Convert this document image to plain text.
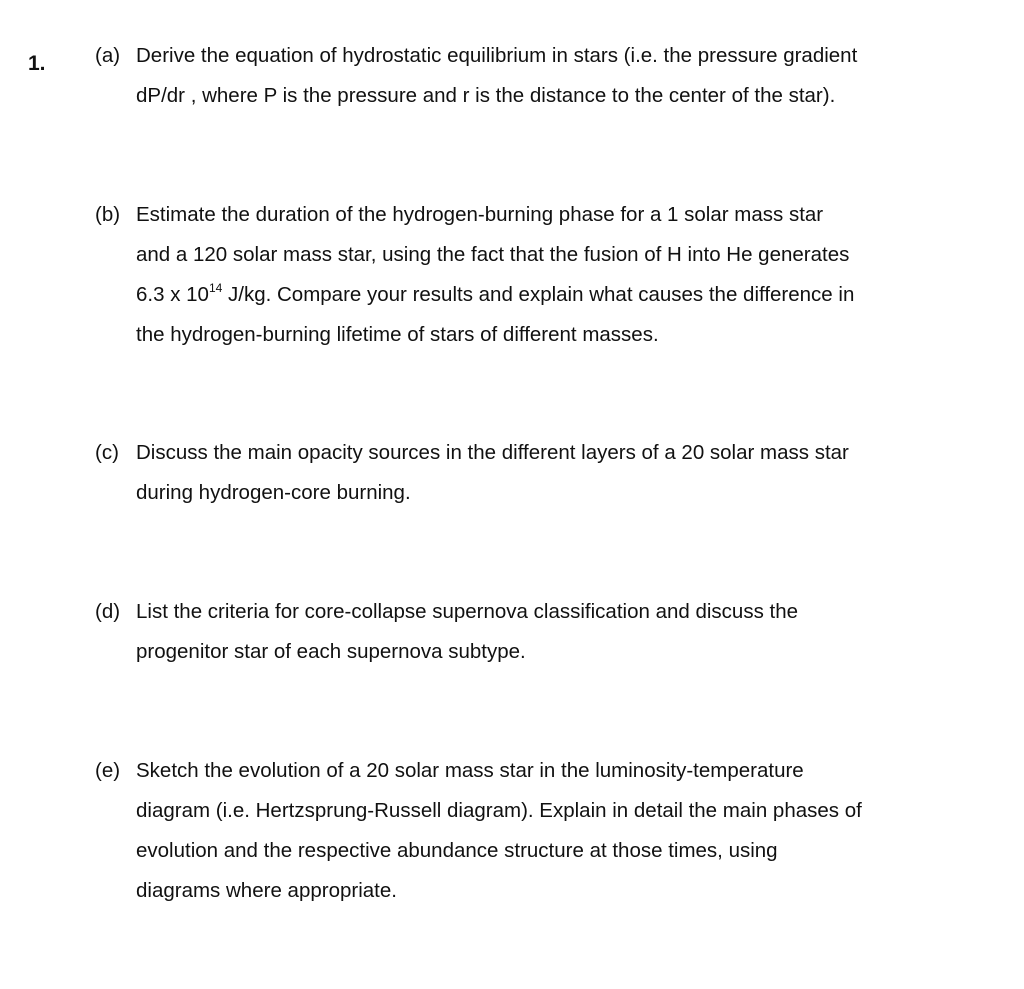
1. (a) Derive the equation of hydrostatic equilibrium in stars (i.e. the pressure gradient
dP/dr , where P is the pressure and r is the distance to the center of the star).
(b) Estimate the duration of the hydrogen-burning phase for a 1 solar mass star
and a 120 solar mass star, using the fact that the fusion of H into He generates
6.3 x $10^{14}$ J/kg. Compare your results and explain what causes the difference in
the hydrogen-burning lifetime of stars of different masses.
(c) Discuss the main opacity sources in the different layers of a 20 solar mass star
during hydrogen-core burning.
(d) List the criteria for core-collapse supernova classification and discuss the
progenitor star of each supernova subtype.
(e) Sketch the evolution of a 20 solar mass star in the luminosity-temperature
diagram (i.e. Hertzsprung-Russell diagram). Explain in detail the main phases of
evolution and the respective abundance structure at those times, using
diagrams where appropriate.
